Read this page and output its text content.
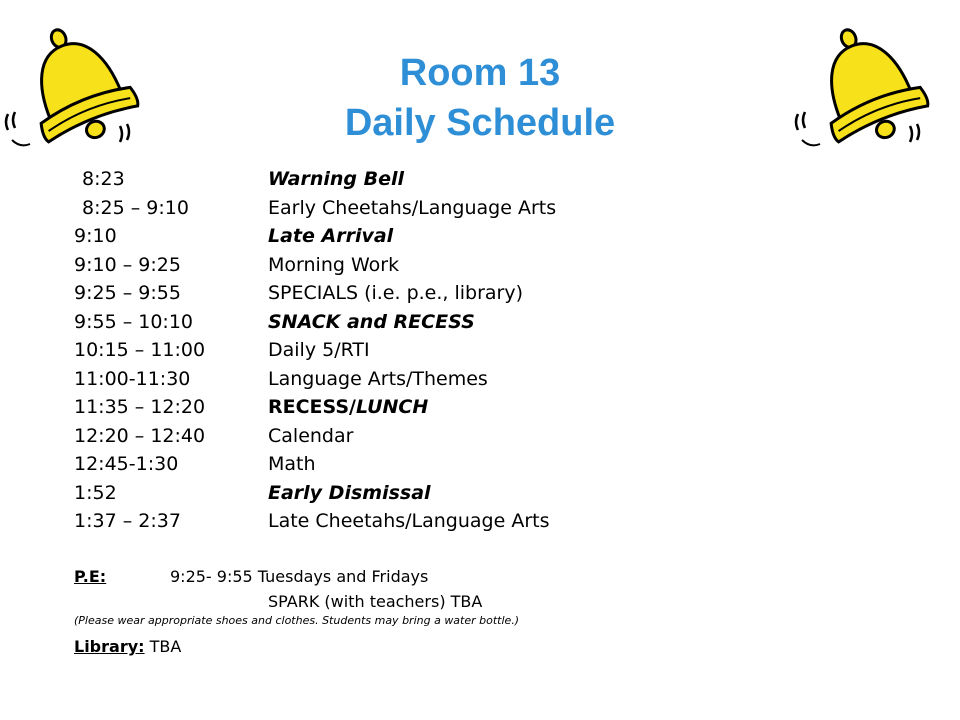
Room 13
Daily Schedule
8:23	Warning Bell
8:25 – 9:10	Early Cheetahs/Language Arts
9:10	Late Arrival
9:10 – 9:25	Morning Work
9:25 – 9:55	SPECIALS (i.e. p.e., library)
9:55 – 10:10	SNACK and RECESS
10:15 – 11:00	Daily 5/RTI
11:00-11:30	Language Arts/Themes
11:35 – 12:20	RECESS/LUNCH
12:20 – 12:40	Calendar
12:45-1:30	Math
1:52	Early Dismissal
1:37 – 2:37	Late Cheetahs/Language Arts
P.E:	9:25- 9:55 Tuesdays and Fridays
SPARK (with teachers) TBA
(Please wear appropriate shoes and clothes. Students may bring a water bottle.)
Library: TBA
